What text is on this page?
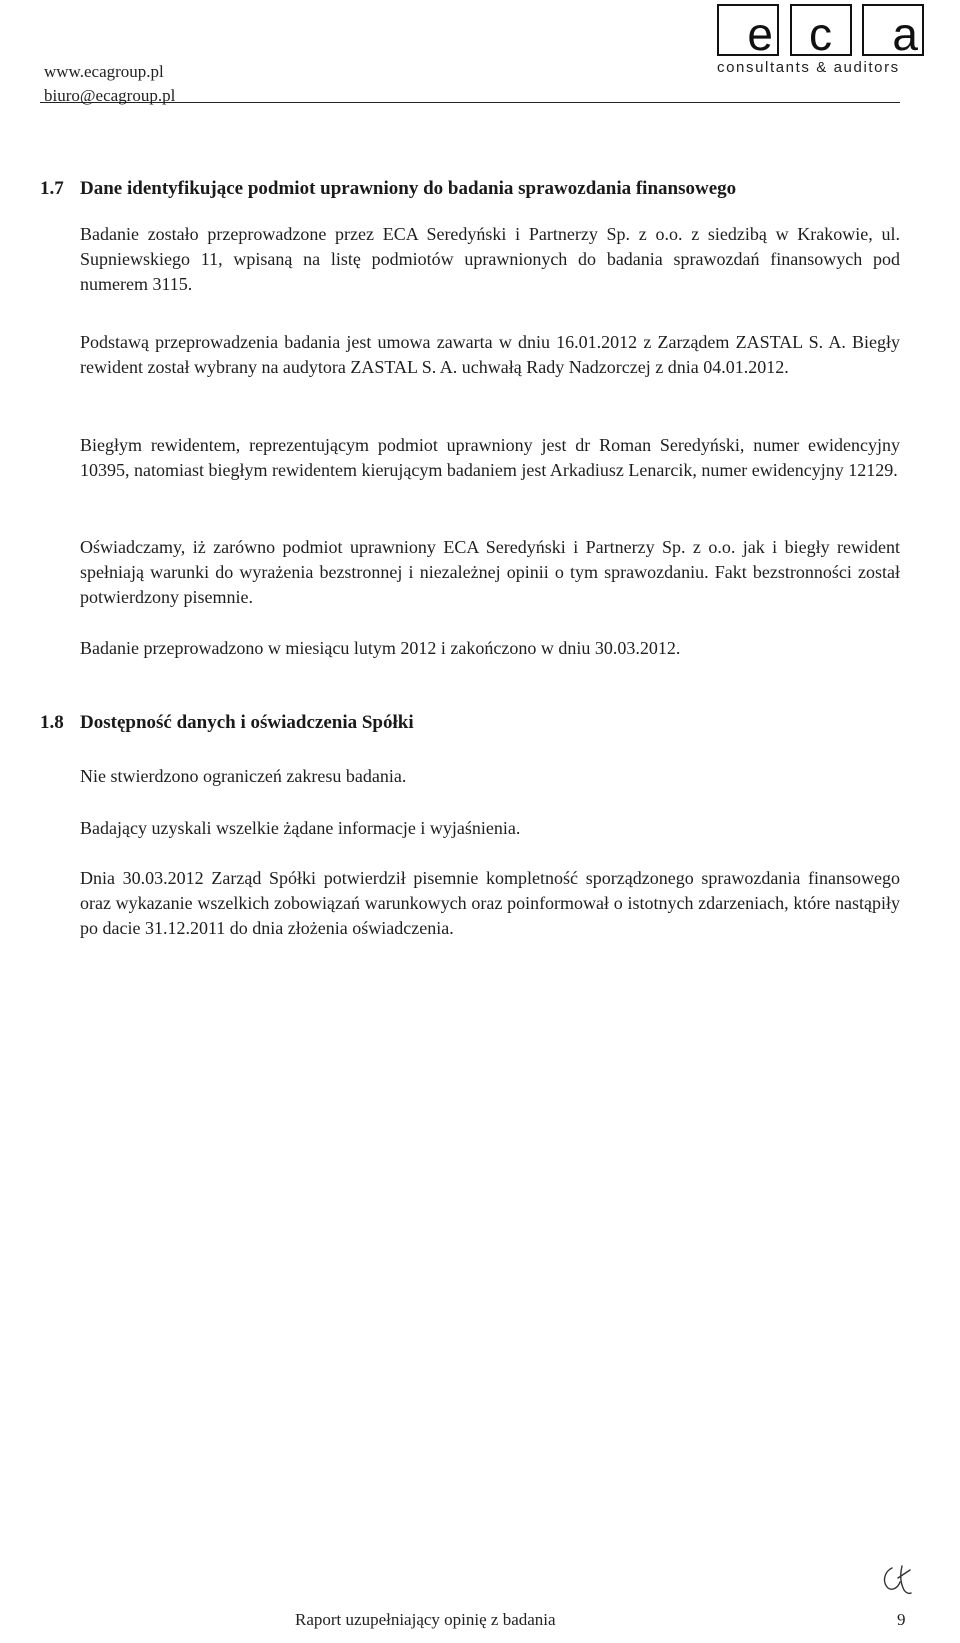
www.ecagroup.pl
biuro@ecagroup.pl
e c	a
consultants & auditors
1.7 Dane identyfikujące podmiot uprawniony do badania sprawozdania finansowego

Badanie zostało przeprowadzone przez ECA Seredyński i Partnerzy Sp. z o.o. z siedzibą w Krakowie, ul. Supniewskiego 11, wpisaną na listę podmiotów uprawnionych do badania sprawozdań finansowych pod numerem 3115.

Podstawą przeprowadzenia badania jest umowa zawarta w dniu 16.01.2012 z Zarządem ZASTAL S. A. Biegły rewident został wybrany na audytora ZASTAL S. A. uchwałą Rady Nadzorczej z dnia 04.01.2012.

Biegłym rewidentem, reprezentującym podmiot uprawniony jest dr Roman Seredyński, numer ewidencyjny 10395, natomiast biegłym rewidentem kierującym badaniem jest Arkadiusz Lenarcik, numer ewidencyjny 12129.

Oświadczamy, iż zarówno podmiot uprawniony ECA Seredyński i Partnerzy Sp. z o.o. jak i biegły rewident spełniają warunki do wyrażenia bezstronnej i niezależnej opinii o tym sprawozdaniu. Fakt bezstronności został potwierdzony pisemnie.

Badanie przeprowadzono w miesiącu lutym 2012 i zakończono w dniu 30.03.2012.

1.8 Dostępność danych i oświadczenia Spółki

Nie stwierdzono ograniczeń zakresu badania.

Badający uzyskali wszelkie żądane informacje i wyjaśnienia.

Dnia 30.03.2012 Zarząd Spółki potwierdził pisemnie kompletność sporządzonego sprawozdania finansowego oraz wykazanie wszelkich zobowiązań warunkowych oraz poinformował o istotnych zdarzeniach, które nastąpiły po dacie 31.12.2011 do dnia złożenia oświadczenia.

Raport uzupełniający opinię z badania	9
